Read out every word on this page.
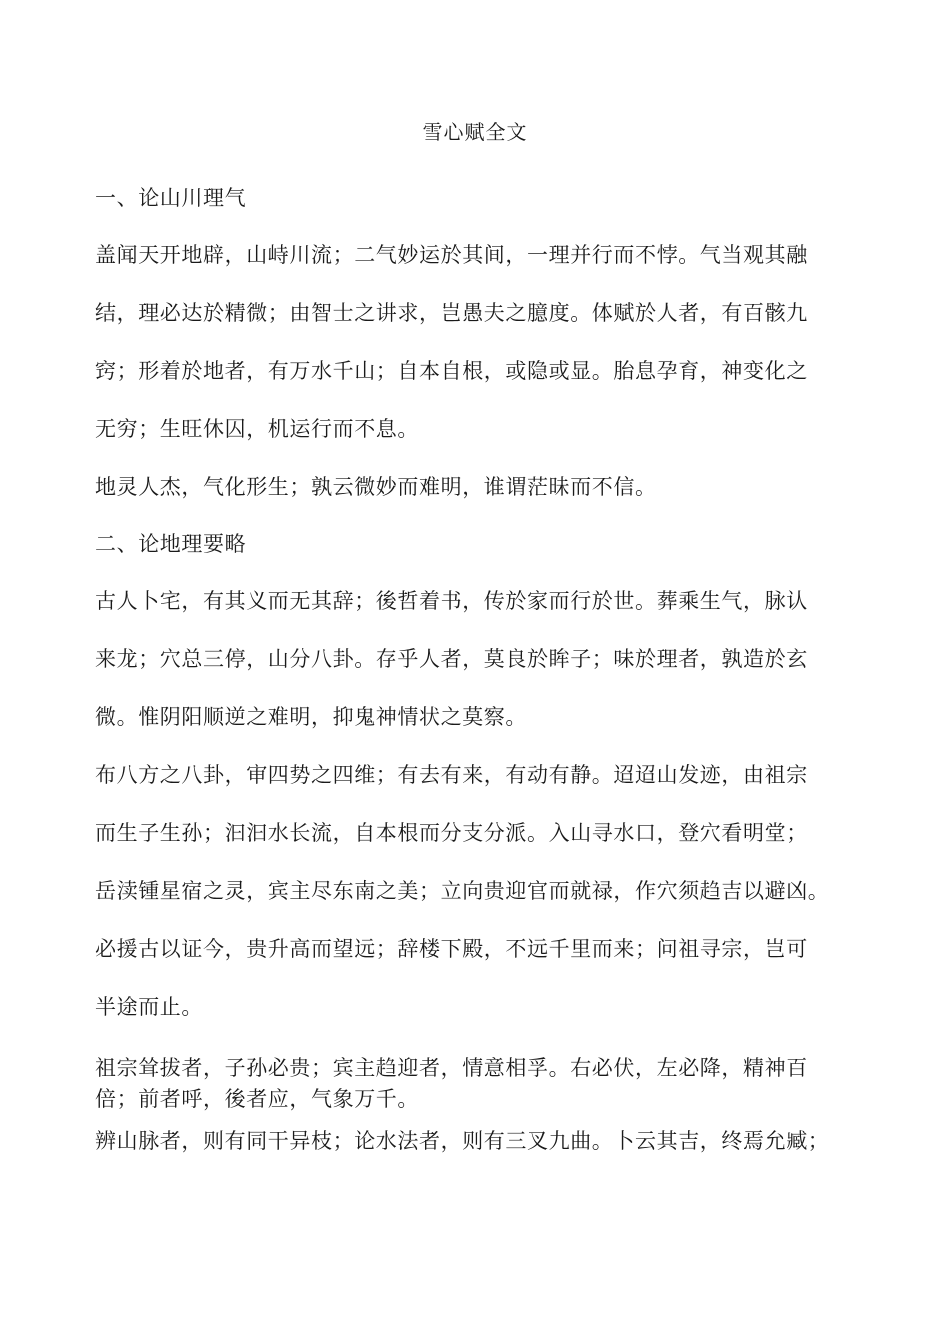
雪心赋全文
一、论山川理气
盖闻天开地辟，山峙川流；二气妙运於其间，一理并行而不悖。气当观其融
结，理必达於精微；由智士之讲求，岂愚夫之臆度。体赋於人者，有百骸九
窍；形着於地者，有万水千山；自本自根，或隐或显。胎息孕育，神变化之
无穷；生旺休囚，机运行而不息。
地灵人杰，气化形生；孰云微妙而难明，谁谓茫昧而不信。
二、论地理要略
古人卜宅，有其义而无其辞；後哲着书，传於家而行於世。葬乘生气，脉认
来龙；穴总三停，山分八卦。存乎人者，莫良於眸子；味於理者，孰造於玄
微。惟阴阳顺逆之难明，抑鬼神情状之莫察。
布八方之八卦，审四势之四维；有去有来，有动有静。迢迢山发迹，由祖宗
而生子生孙；汩汩水长流，自本根而分支分派。入山寻水口，登穴看明堂；
岳渎锺星宿之灵，宾主尽东南之美；立向贵迎官而就禄，作穴须趋吉以避凶。
必援古以证今，贵升高而望远；辞楼下殿，不远千里而来；问祖寻宗，岂可
半途而止。
祖宗耸拔者，子孙必贵；宾主趋迎者，情意相孚。右必伏，左必降，精神百
倍；前者呼，後者应，气象万千。
辨山脉者，则有同干异枝；论水法者，则有三叉九曲。卜云其吉，终焉允臧；
